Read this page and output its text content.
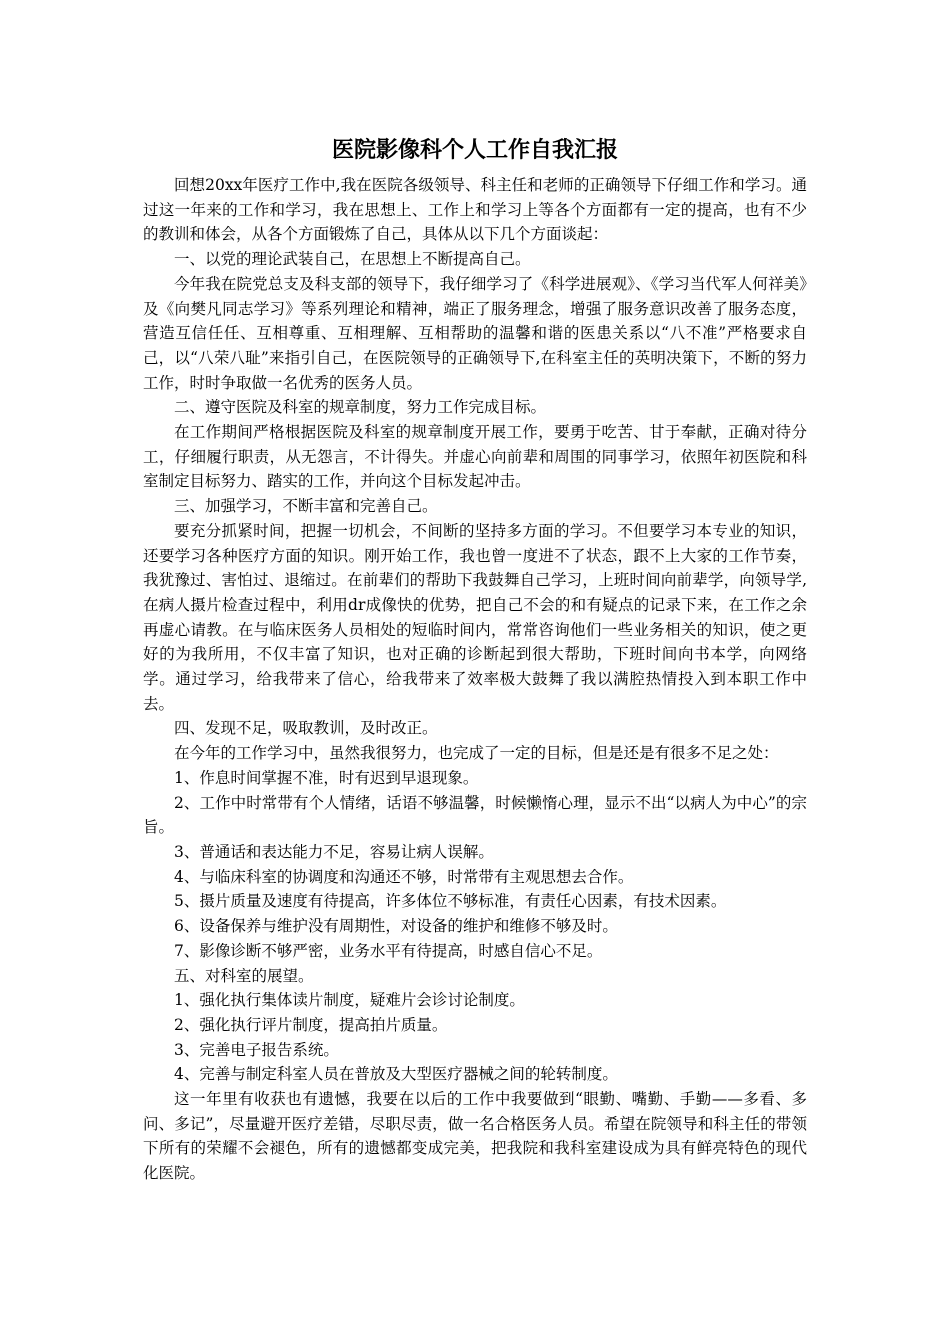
医院影像科个人工作自我汇报

回想20xx年医疗工作中,我在医院各级领导、科主任和老师的正确领导下仔细工作和学习。通过这一年来的工作和学习，我在思想上、工作上和学习上等各个方面都有一定的提高，也有不少的教训和体会，从各个方面锻炼了自己，具体从以下几个方面谈起：

一、以党的理论武装自己，在思想上不断提高自己。

今年我在院党总支及科支部的领导下，我仔细学习了《科学进展观》、《学习当代军人何祥美》及《向樊凡同志学习》等系列理论和精神，端正了服务理念，增强了服务意识改善了服务态度，营造互信任任、互相尊重、互相理解、互相帮助的温馨和谐的医患关系以“八不准”严格要求自己，以“八荣八耻”来指引自己，在医院领导的正确领导下,在科室主任的英明决策下，不断的努力工作，时时争取做一名优秀的医务人员。

二、遵守医院及科室的规章制度，努力工作完成目标。

在工作期间严格根据医院及科室的规章制度开展工作，要勇于吃苦、甘于奉献，正确对待分工，仔细履行职责，从无怨言，不计得失。并虚心向前辈和周围的同事学习，依照年初医院和科室制定目标努力、踏实的工作，并向这个目标发起冲击。

三、加强学习，不断丰富和完善自己。

要充分抓紧时间，把握一切机会，不间断的坚持多方面的学习。不但要学习本专业的知识，还要学习各种医疗方面的知识。刚开始工作，我也曾一度进不了状态，跟不上大家的工作节奏，我犹豫过、害怕过、退缩过。在前辈们的帮助下我鼓舞自己学习，上班时间向前辈学，向领导学,在病人摄片检查过程中，利用dr成像快的优势，把自己不会的和有疑点的记录下来，在工作之余再虚心请教。在与临床医务人员相处的短临时间内，常常咨询他们一些业务相关的知识，使之更好的为我所用，不仅丰富了知识，也对正确的诊断起到很大帮助，下班时间向书本学，向网络学。通过学习，给我带来了信心，给我带来了效率极大鼓舞了我以满腔热情投入到本职工作中去。

四、发现不足，吸取教训，及时改正。

在今年的工作学习中，虽然我很努力，也完成了一定的目标，但是还是有很多不足之处：

1、作息时间掌握不准，时有迟到早退现象。

2、工作中时常带有个人情绪，话语不够温馨，时候懒惰心理，显示不出“以病人为中心”的宗旨。

3、普通话和表达能力不足，容易让病人误解。

4、与临床科室的协调度和沟通还不够，时常带有主观思想去合作。

5、摄片质量及速度有待提高，许多体位不够标准，有责任心因素，有技术因素。

6、设备保养与维护没有周期性，对设备的维护和维修不够及时。

7、影像诊断不够严密，业务水平有待提高，时感自信心不足。

五、对科室的展望。

1、强化执行集体读片制度，疑难片会诊讨论制度。

2、强化执行评片制度，提高拍片质量。

3、完善电子报告系统。

4、完善与制定科室人员在普放及大型医疗器械之间的轮转制度。

这一年里有收获也有遗憾，我要在以后的工作中我要做到“眼勤、嘴勤、手勤——多看、多问、多记”，尽量避开医疗差错，尽职尽责，做一名合格医务人员。希望在院领导和科主任的带领下所有的荣耀不会褪色，所有的遗憾都变成完美，把我院和我科室建设成为具有鲜亮特色的现代化医院。
